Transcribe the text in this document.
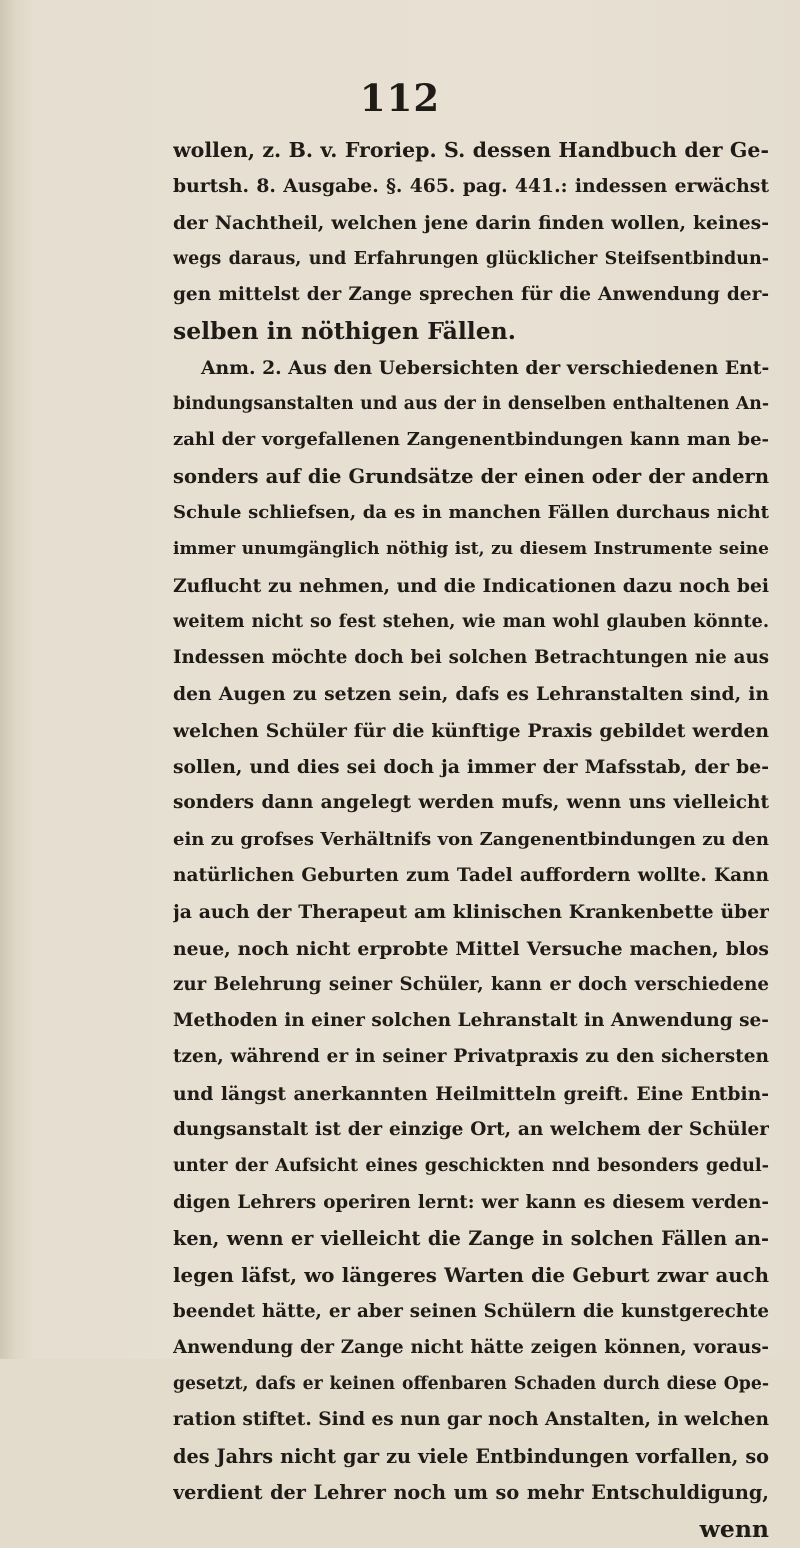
112
wollen, z. B. v. Froriep. S. dessen Handbuch der Ge-
burtsh. 8. Ausgabe. §. 465. pag. 441.: indessen erwächst
der Nachtheil, welchen jene darin finden wollen, keines-
wegs daraus, und Erfahrungen glücklicher Steifsentbindun-
gen mittelst der Zange sprechen für die Anwendung der-
selben in nöthigen Fällen.
Anm. 2. Aus den Uebersichten der verschiedenen Ent-
bindungsanstalten und aus der in denselben enthaltenen An-
zahl der vorgefallenen Zangenentbindungen kann man be-
sonders auf die Grundsätze der einen oder der andern
Schule schliefsen, da es in manchen Fällen durchaus nicht
immer unumgänglich nöthig ist, zu diesem Instrumente seine
Zuflucht zu nehmen, und die Indicationen dazu noch bei
weitem nicht so fest stehen, wie man wohl glauben könnte.
Indessen möchte doch bei solchen Betrachtungen nie aus
den Augen zu setzen sein, dafs es Lehranstalten sind, in
welchen Schüler für die künftige Praxis gebildet werden
sollen, und dies sei doch ja immer der Mafsstab, der be-
sonders dann angelegt werden mufs, wenn uns vielleicht
ein zu grofses Verhältnifs von Zangenentbindungen zu den
natürlichen Geburten zum Tadel auffordern wollte. Kann
ja auch der Therapeut am klinischen Krankenbette über
neue, noch nicht erprobte Mittel Versuche machen, blos
zur Belehrung seiner Schüler, kann er doch verschiedene
Methoden in einer solchen Lehranstalt in Anwendung se-
tzen, während er in seiner Privatpraxis zu den sichersten
und längst anerkannten Heilmitteln greift. Eine Entbin-
dungsanstalt ist der einzige Ort, an welchem der Schüler
unter der Aufsicht eines geschickten nnd besonders gedul-
digen Lehrers operiren lernt: wer kann es diesem verden-
ken, wenn er vielleicht die Zange in solchen Fällen an-
legen läfst, wo längeres Warten die Geburt zwar auch
beendet hätte, er aber seinen Schülern die kunstgerechte
Anwendung der Zange nicht hätte zeigen können, voraus-
gesetzt, dafs er keinen offenbaren Schaden durch diese Ope-
ration stiftet. Sind es nun gar noch Anstalten, in welchen
des Jahrs nicht gar zu viele Entbindungen vorfallen, so
verdient der Lehrer noch um so mehr Entschuldigung,
wenn
